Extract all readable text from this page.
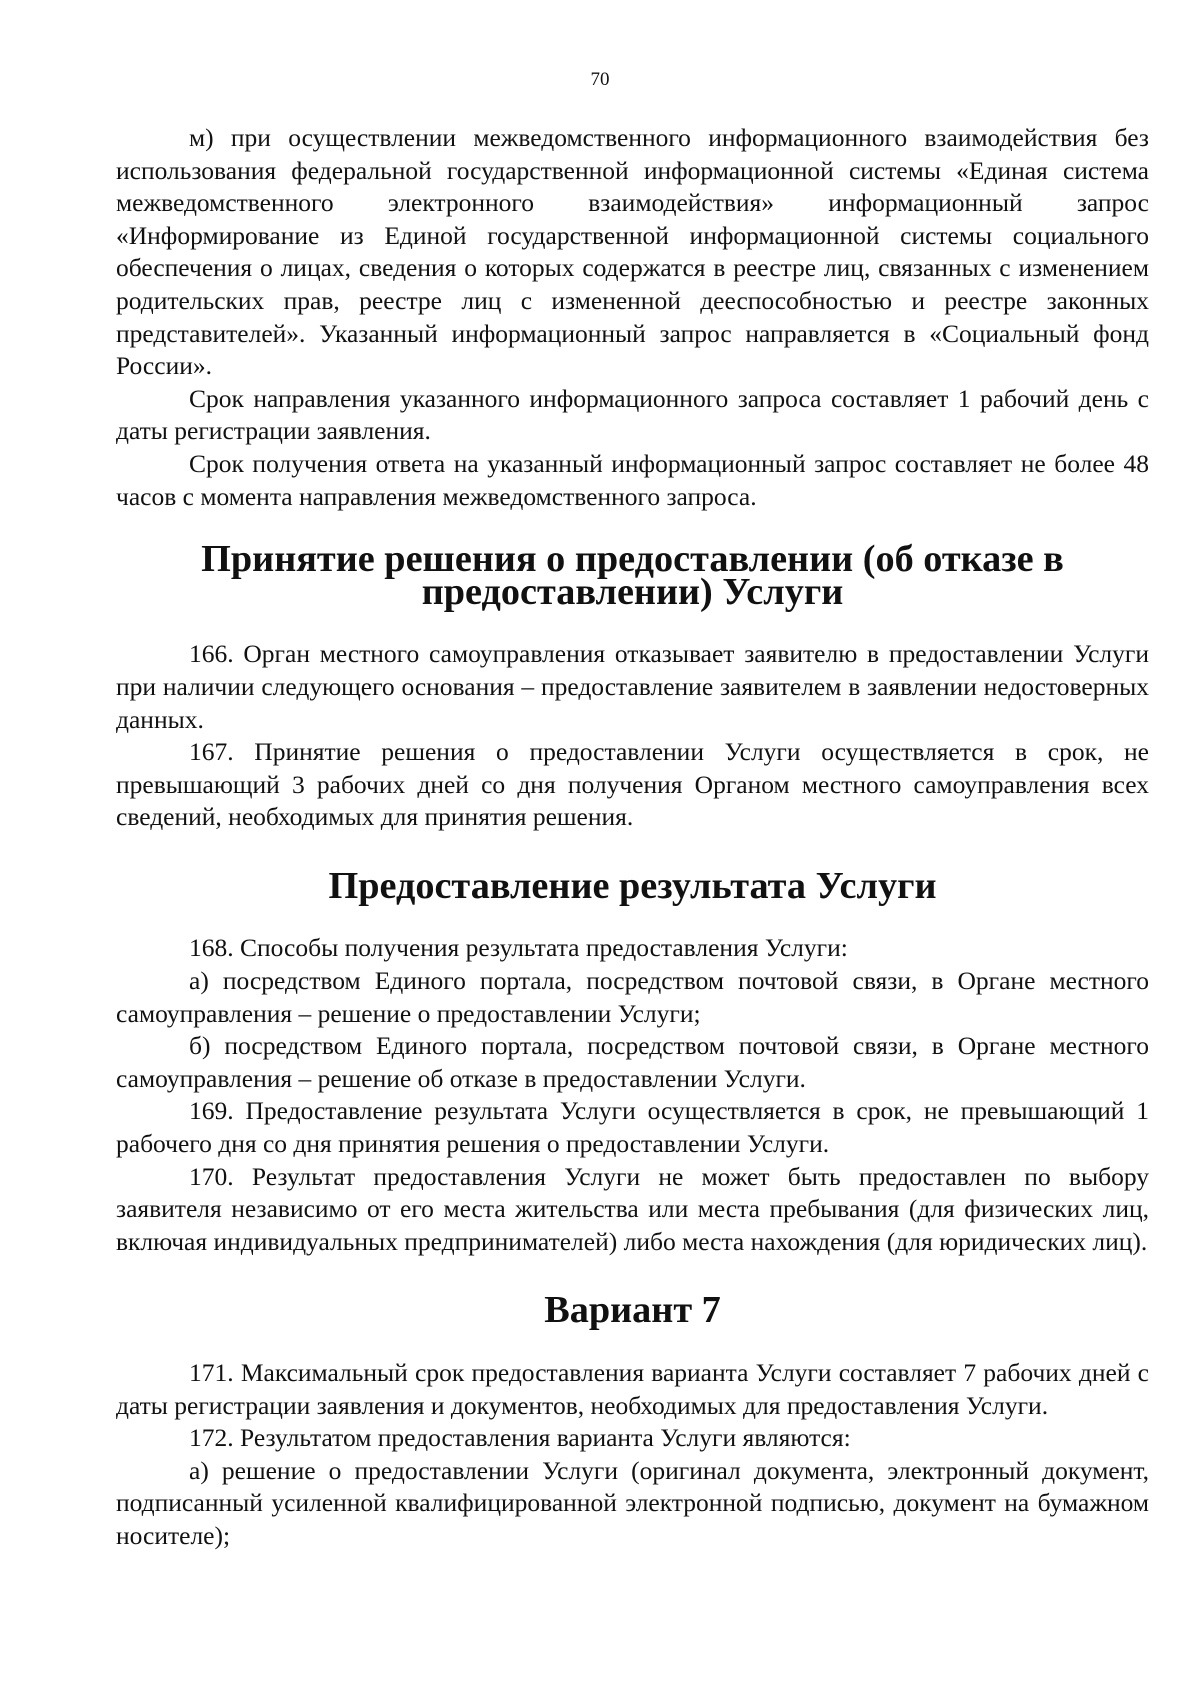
70

м) при осуществлении межведомственного информационного взаимодействия без использования федеральной государственной информационной системы «Единая система межведомственного электронного взаимодействия» информационный запрос «Информирование из Единой государственной информационной системы социального обеспечения о лицах, сведения о которых содержатся в реестре лиц, связанных с изменением родительских прав, реестре лиц с измененной дееспособностью и реестре законных представителей». Указанный информационный запрос направляется в «Социальный фонд России».

Срок направления указанного информационного запроса составляет 1 рабочий день с даты регистрации заявления.

Срок получения ответа на указанный информационный запрос составляет не более 48 часов с момента направления межведомственного запроса.

Принятие решения о предоставлении (об отказе в предоставлении) Услуги

166. Орган местного самоуправления отказывает заявителю в предоставлении Услуги при наличии следующего основания – предоставление заявителем в заявлении недостоверных данных.

167. Принятие решения о предоставлении Услуги осуществляется в срок, не превышающий 3 рабочих дней со дня получения Органом местного самоуправления всех сведений, необходимых для принятия решения.

Предоставление результата Услуги

168. Способы получения результата предоставления Услуги:

а) посредством Единого портала, посредством почтовой связи, в Органе местного самоуправления – решение о предоставлении Услуги;

б) посредством Единого портала, посредством почтовой связи, в Органе местного самоуправления – решение об отказе в предоставлении Услуги.

169. Предоставление результата Услуги осуществляется в срок, не превышающий 1 рабочего дня со дня принятия решения о предоставлении Услуги.

170. Результат предоставления Услуги не может быть предоставлен по выбору заявителя независимо от его места жительства или места пребывания (для физических лиц, включая индивидуальных предпринимателей) либо места нахождения (для юридических лиц).

Вариант 7

171. Максимальный срок предоставления варианта Услуги составляет 7 рабочих дней с даты регистрации заявления и документов, необходимых для предоставления Услуги.

172. Результатом предоставления варианта Услуги являются:

а) решение о предоставлении Услуги (оригинал документа, электронный документ, подписанный усиленной квалифицированной электронной подписью, документ на бумажном носителе);
